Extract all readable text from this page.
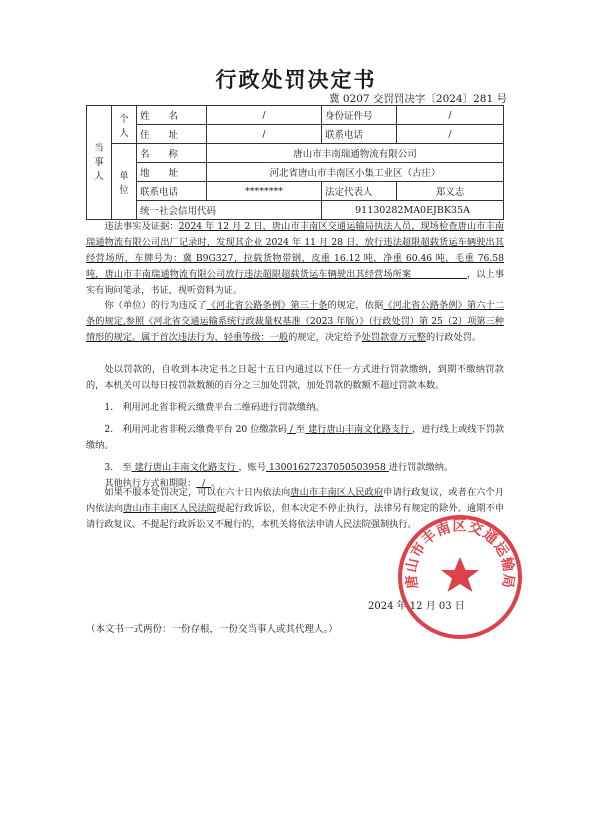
行政处罚决定书
冀 0207 交罚罚决字〔2024〕281 号
当事人	个人	姓　　名	/	身份证件号	/
		住　　址	/	联系电话	/
	单位	名　　称	唐山市丰南瑞通物流有限公司		
		地　　址	河北省唐山市丰南区小集工业区（古庄）		
		联系电话	********	法定代表人	郑义志
		统一社会信用代码		91130282MA0EJBK35A	

违法事实及证据：2024 年 12 月 2 日，唐山市丰南区交通运输局执法人员，现场检查唐山市丰南瑞通物流有限公司出厂记录时，发现其企业 2024 年 11 月 28 日，放行违法超限超载货运车辆驶出其经营场所，车牌号为：冀 B9G327，拉载货物带钢，皮重 16.12 吨，净重 60.46 吨，毛重 76.58 吨，唐山市丰南瑞通物流有限公司放行违法超限超载货运车辆驶出其经营场所案　　　　　　	，以上事实有询问笔录，书证，视听资料为证。

你（单位）的行为违反了《河北省公路条例》第三十条的规定，依据《河北省公路条例》第六十二条的规定,参照《河北省交通运输系统行政裁量权基准（2023 年版）》（行政处罚）第 25（2）项第三种情形的规定。属于首次违法行为，轻重等级：一般的规定，决定给予处罚款壹万元整的行政处罚。

处以罚款的，自收到本决定书之日起十五日内通过以下任一方式进行罚款缴纳，到期不缴纳罚款的，本机关可以每日按罚款数额的百分之三加处罚款，加处罚款的数额不超过罚款本数。

1.　利用河北省非税云缴费平台二维码进行罚款缴纳。

2.　利用河北省非税云缴费平台 20 位缴款码 / 至 建行唐山丰南文化路支行 ，进行线上或线下罚款缴纳。

3.　至 建行唐山丰南文化路支行 ，账号 13001627237050503958 进行罚款缴纳。

其他执行方式和期限： / 。

如果不服本处罚决定，可以在六十日内依法向唐山市丰南区人民政府申请行政复议，或者在六个月内依法向唐山市丰南区人民法院提起行政诉讼，但本决定不停止执行，法律另有规定的除外。逾期不申请行政复议、不提起行政诉讼又不履行的，本机关将依法申请人民法院强制执行。

2024 年 12 月 03 日
（本文书一式两份：一份存根，一份交当事人或其代理人。）
唐山市丰南区交通运输局
